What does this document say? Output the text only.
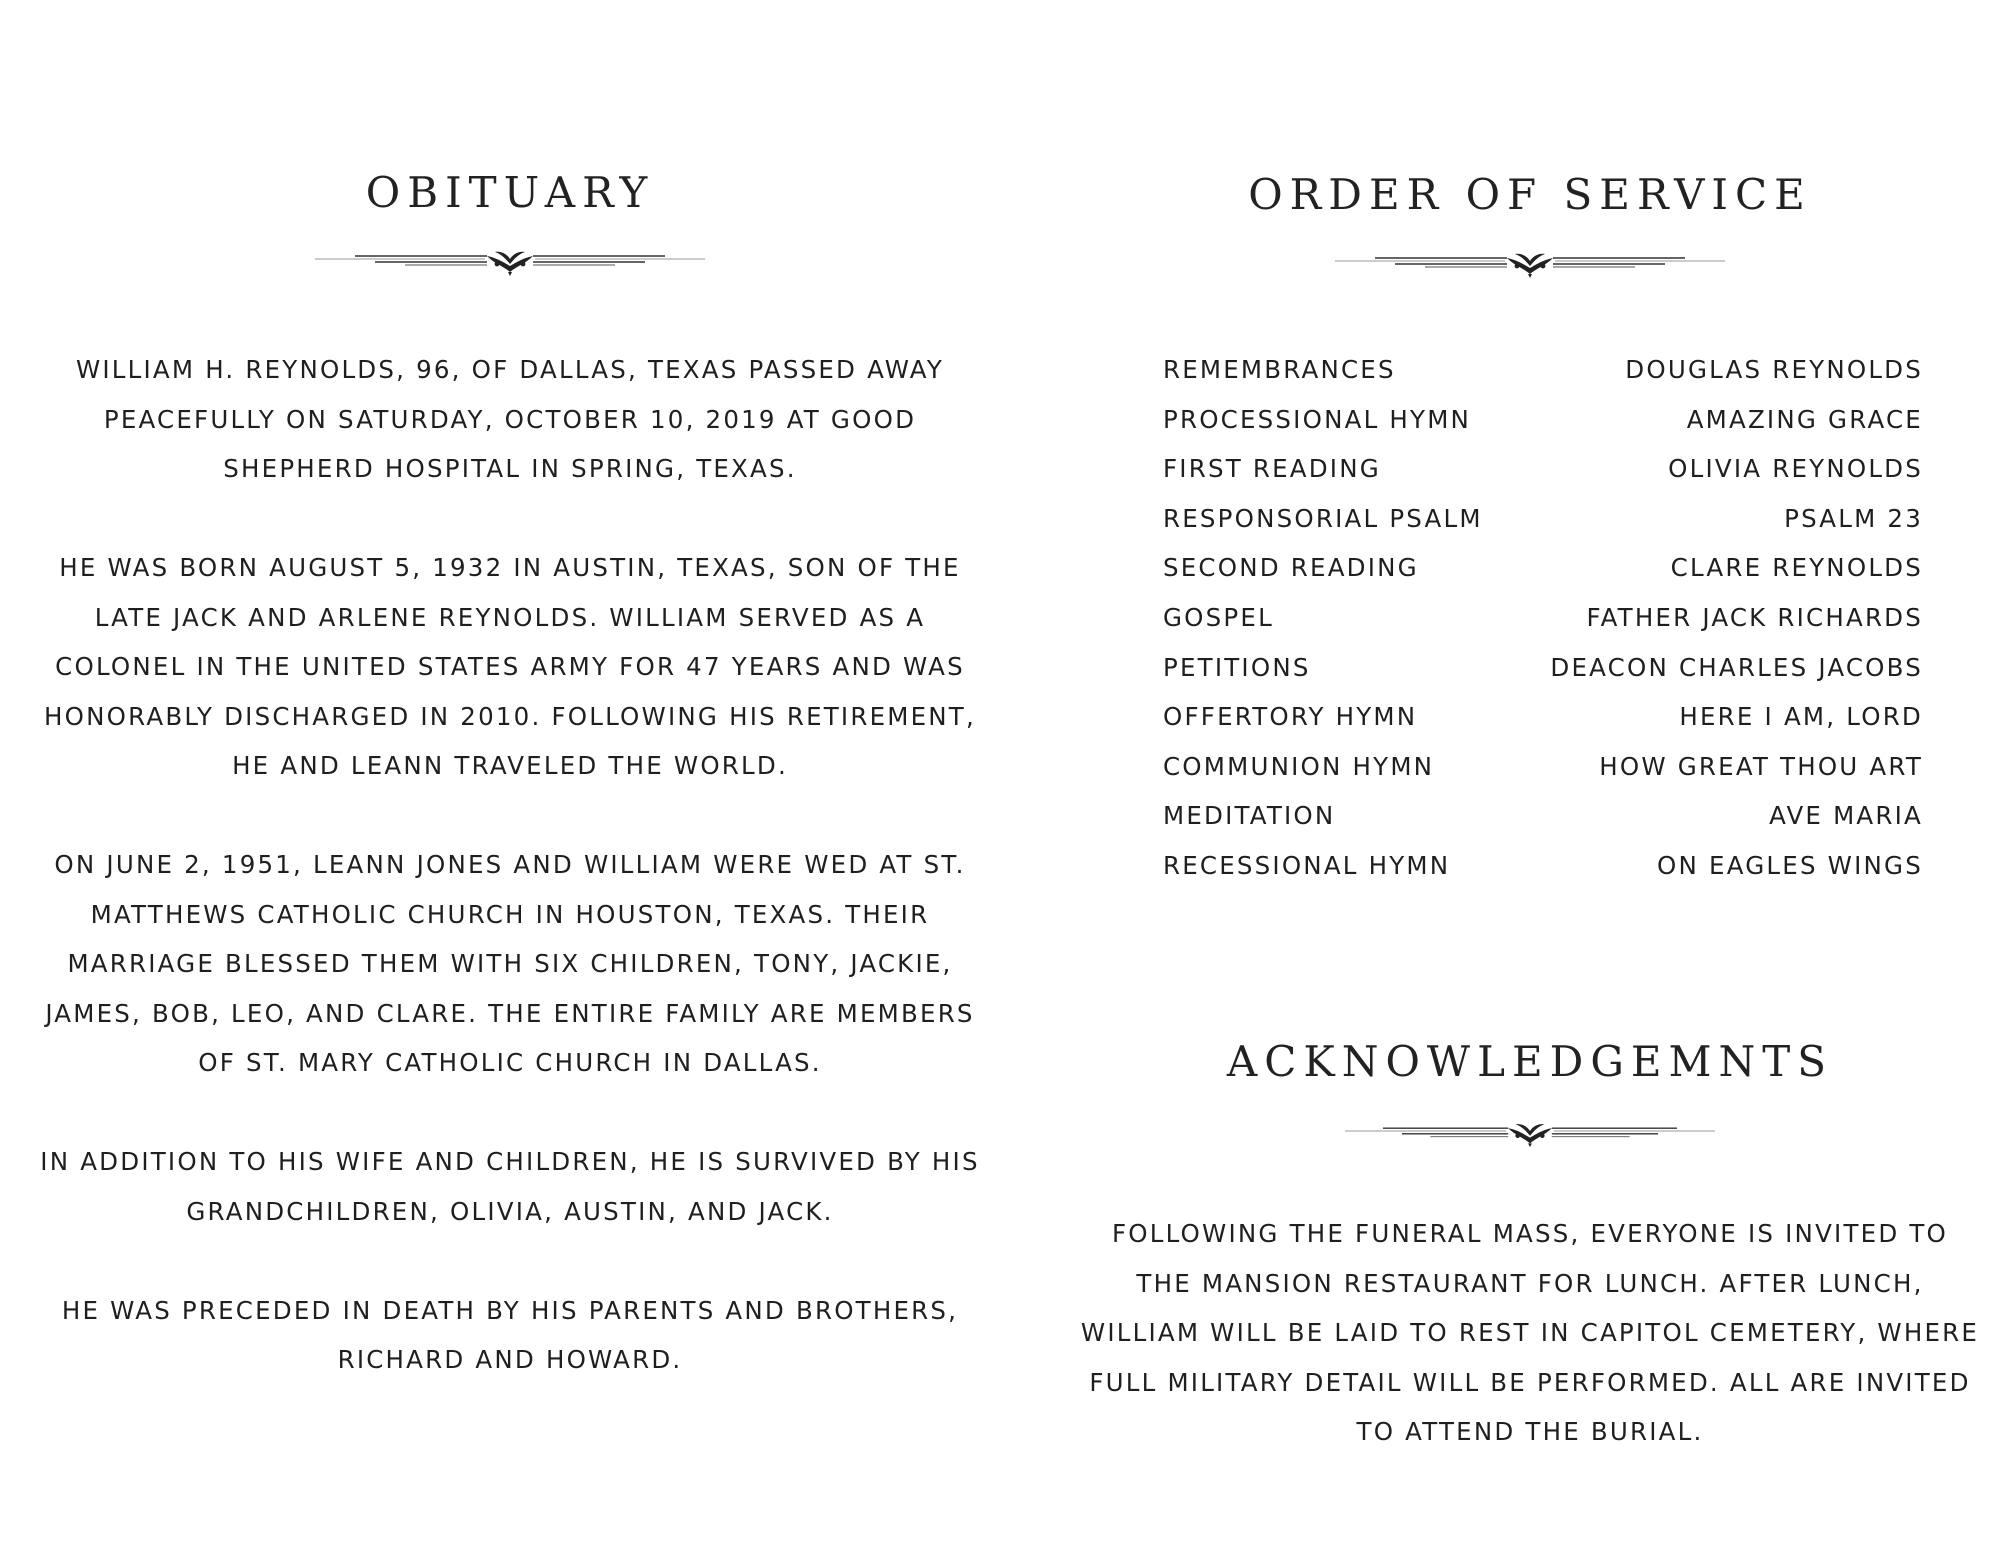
OBITUARY

WILLIAM H. REYNOLDS, 96, OF DALLAS, TEXAS PASSED AWAY PEACEFULLY ON SATURDAY, OCTOBER 10, 2019 AT GOOD SHEPHERD HOSPITAL IN SPRING, TEXAS.

HE WAS BORN AUGUST 5, 1932 IN AUSTIN, TEXAS, SON OF THE LATE JACK AND ARLENE REYNOLDS. WILLIAM SERVED AS A COLONEL IN THE UNITED STATES ARMY FOR 47 YEARS AND WAS HONORABLY DISCHARGED IN 2010. FOLLOWING HIS RETIREMENT, HE AND LEANN TRAVELED THE WORLD.

ON JUNE 2, 1951, LEANN JONES AND WILLIAM WERE WED AT ST. MATTHEWS CATHOLIC CHURCH IN HOUSTON, TEXAS. THEIR MARRIAGE BLESSED THEM WITH SIX CHILDREN, TONY, JACKIE, JAMES, BOB, LEO, AND CLARE. THE ENTIRE FAMILY ARE MEMBERS OF ST. MARY CATHOLIC CHURCH IN DALLAS.

IN ADDITION TO HIS WIFE AND CHILDREN, HE IS SURVIVED BY HIS GRANDCHILDREN, OLIVIA, AUSTIN, AND JACK.

HE WAS PRECEDED IN DEATH BY HIS PARENTS AND BROTHERS, RICHARD AND HOWARD.

ORDER OF SERVICE
REMEMBRANCES	DOUGLAS REYNOLDS
PROCESSIONAL HYMN	AMAZING GRACE
FIRST READING	OLIVIA REYNOLDS
RESPONSORIAL PSALM	PSALM 23
SECOND READING	CLARE REYNOLDS
GOSPEL	FATHER JACK RICHARDS
PETITIONS	DEACON CHARLES JACOBS
OFFERTORY HYMN	HERE I AM, LORD
COMMUNION HYMN	HOW GREAT THOU ART
MEDITATION	AVE MARIA
RECESSIONAL HYMN	ON EAGLES WINGS
ACKNOWLEDGEMNTS

FOLLOWING THE FUNERAL MASS, EVERYONE IS INVITED TO THE MANSION RESTAURANT FOR LUNCH. AFTER LUNCH, WILLIAM WILL BE LAID TO REST IN CAPITOL CEMETERY, WHERE FULL MILITARY DETAIL WILL BE PERFORMED. ALL ARE INVITED TO ATTEND THE BURIAL.
